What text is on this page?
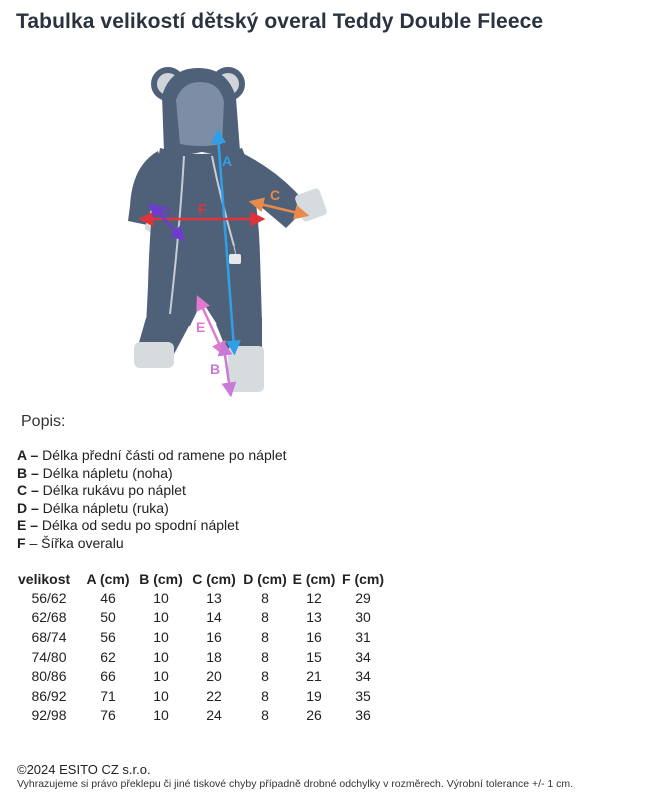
Tabulka velikostí dětský overal Teddy Double Fleece
A
C
F
D
E
B
Popis:
A – Délka přední části od ramene po náplet
B – Délka nápletu (noha)
C – Délka rukávu po náplet
D – Délka nápletu (ruka)
E – Délka od sedu po spodní náplet
F – Šířka overalu
velikost	A (cm)	B (cm)	C (cm)	D (cm)	E (cm)	F (cm)
56/62	46	10	13	8	12	29
62/68	50	10	14	8	13	30
68/74	56	10	16	8	16	31
74/80	62	10	18	8	15	34
80/86	66	10	20	8	21	34
86/92	71	10	22	8	19	35
92/98	76	10	24	8	26	36
©2024 ESITO CZ s.r.o.
Vyhrazujeme si právo překlepu či jiné tiskové chyby případně drobné odchylky v rozměrech. Výrobní tolerance +/- 1 cm.
